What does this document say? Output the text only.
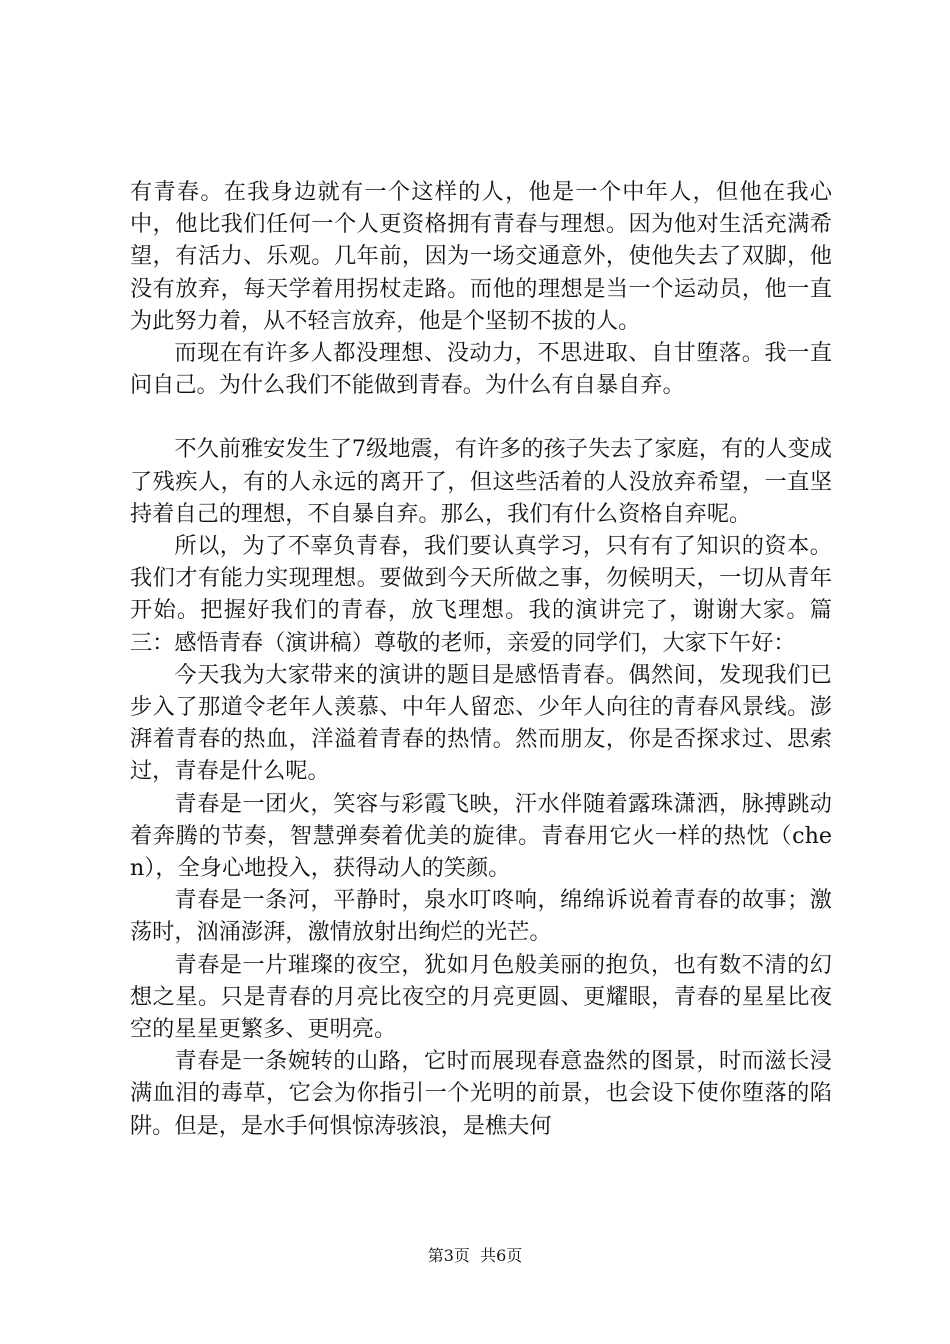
有青春。在我身边就有一个这样的人，他是一个中年人，但他在我心中，他比我们任何一个人更资格拥有青春与理想。因为他对生活充满希望，有活力、乐观。几年前，因为一场交通意外，使他失去了双脚，他没有放弃，每天学着用拐杖走路。而他的理想是当一个运动员，他一直为此努力着，从不轻言放弃，他是个坚韧不拔的人。

而现在有许多人都没理想、没动力，不思进取、自甘堕落。我一直问自己。为什么我们不能做到青春。为什么有自暴自弃。

不久前雅安发生了7级地震，有许多的孩子失去了家庭，有的人变成了残疾人，有的人永远的离开了，但这些活着的人没放弃希望，一直坚持着自己的理想，不自暴自弃。那么，我们有什么资格自弃呢。

所以，为了不辜负青春，我们要认真学习，只有有了知识的资本。我们才有能力实现理想。要做到今天所做之事，勿候明天，一切从青年开始。把握好我们的青春，放飞理想。我的演讲完了，谢谢大家。篇三：感悟青春（演讲稿）尊敬的老师，亲爱的同学们，大家下午好：

今天我为大家带来的演讲的题目是感悟青春。偶然间，发现我们已步入了那道令老年人羡慕、中年人留恋、少年人向往的青春风景线。澎湃着青春的热血，洋溢着青春的热情。然而朋友，你是否探求过、思索过，青春是什么呢。

青春是一团火，笑容与彩霞飞映，汗水伴随着露珠潇洒，脉搏跳动着奔腾的节奏，智慧弹奏着优美的旋律。青春用它火一样的热忱（chen），全身心地投入，获得动人的笑颜。

青春是一条河，平静时，泉水叮咚响，绵绵诉说着青春的故事；激荡时，汹涌澎湃，激情放射出绚烂的光芒。

青春是一片璀璨的夜空，犹如月色般美丽的抱负，也有数不清的幻想之星。只是青春的月亮比夜空的月亮更圆、更耀眼，青春的星星比夜空的星星更繁多、更明亮。

青春是一条婉转的山路，它时而展现春意盎然的图景，时而滋长浸满血泪的毒草，它会为你指引一个光明的前景，也会设下使你堕落的陷阱。但是，是水手何惧惊涛骇浪，是樵夫何

第3页 共6页
